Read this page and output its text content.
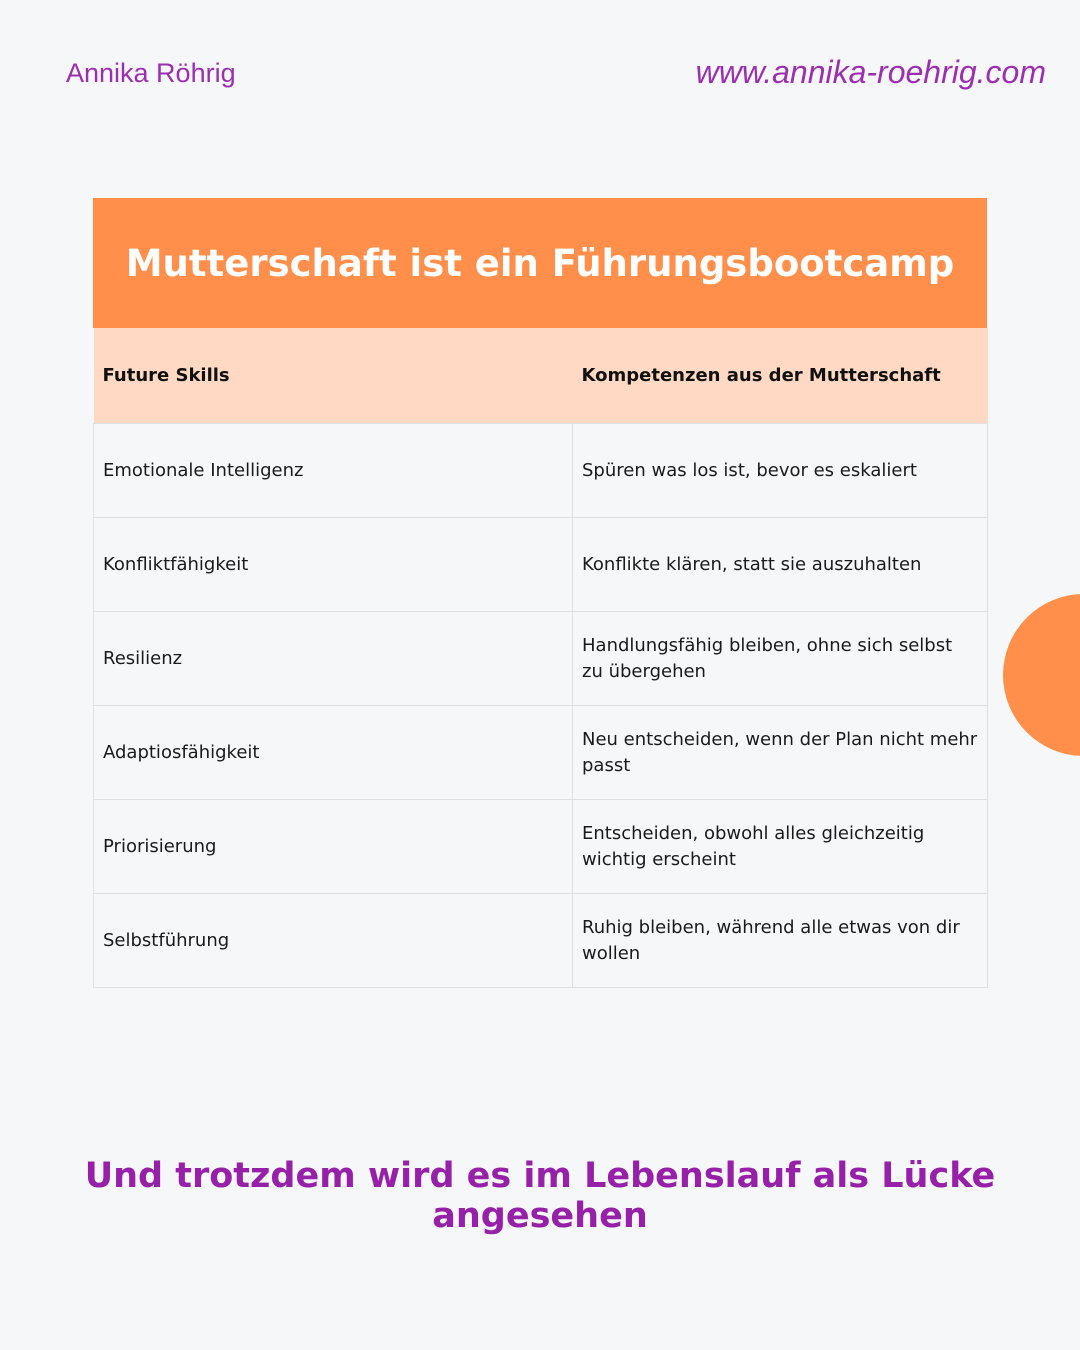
Annika Röhrig	www.annika-roehrig.com
Mutterschaft ist ein Führungsbootcamp
Future Skills	Kompetenzen aus der Mutterschaft
Emotionale Intelligenz	Spüren was los ist, bevor es eskaliert
Konfliktfähigkeit	Konflikte klären, statt sie auszuhalten
Resilienz	Handlungsfähig bleiben, ohne sich selbst zu übergehen
Adaptiosfähigkeit	Neu entscheiden, wenn der Plan nicht mehr passt
Priorisierung	Entscheiden, obwohl alles gleichzeitig wichtig erscheint
Selbstführung	Ruhig bleiben, während alle etwas von dir wollen
Und trotzdem wird es im Lebenslauf als Lücke angesehen
